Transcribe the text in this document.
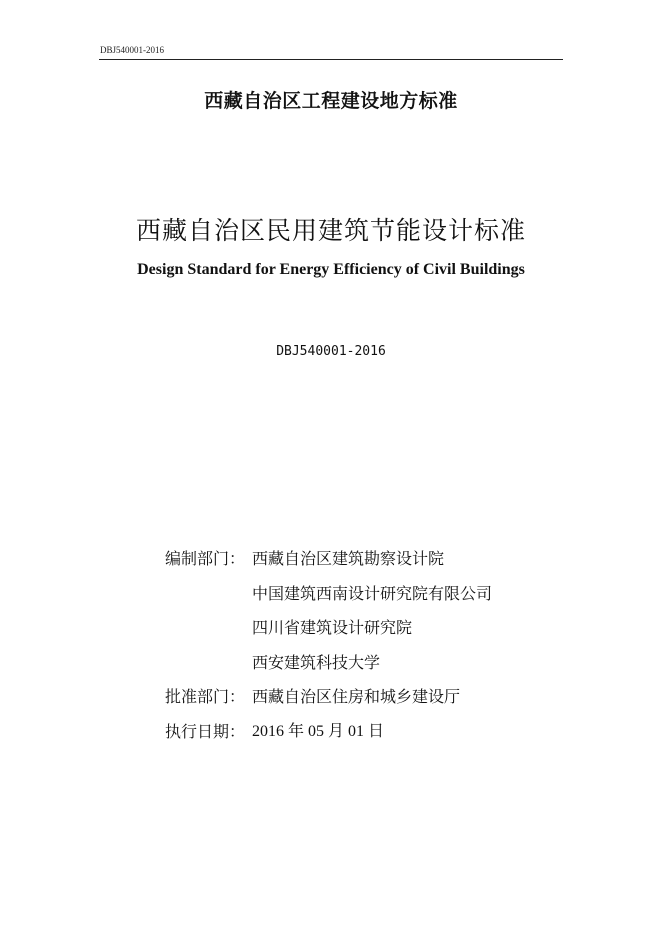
DBJ540001-2016
西藏自治区工程建设地方标准
西藏自治区民用建筑节能设计标准
Design Standard for Energy Efficiency of Civil Buildings
DBJ540001-2016
编制部门： 西藏自治区建筑勘察设计院
中国建筑西南设计研究院有限公司
四川省建筑设计研究院
西安建筑科技大学
批准部门： 西藏自治区住房和城乡建设厅
执行日期： 2016 年 05 月 01 日
